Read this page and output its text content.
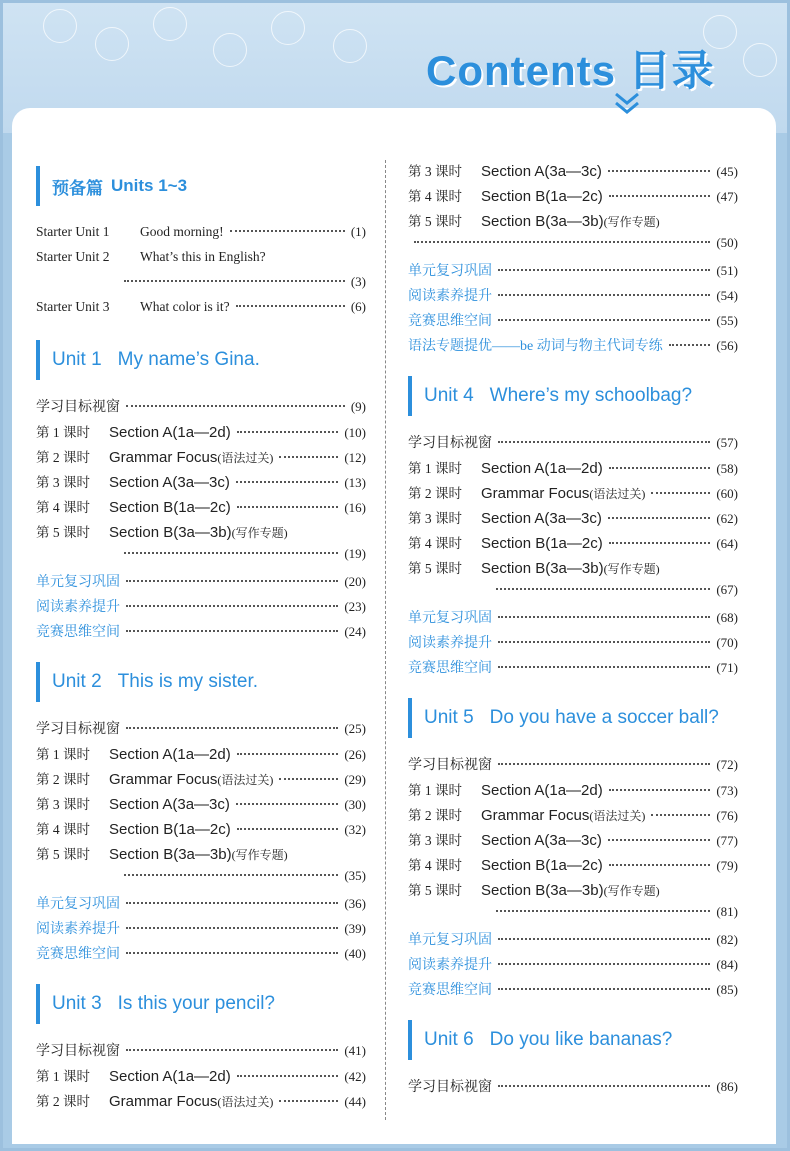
Contents 目录
预备篇 Units 1~3
Starter Unit 1	Good morning!	(1)
Starter Unit 2	What’s this in English?
(3)
Starter Unit 3	What color is it?	(6)
Unit 1 My name’s Gina.
学习目标视窗	(9)
第 1 课时	Section A(1a—2d)	(10)
第 2 课时	Grammar Focus (语法过关)	(12)
第 3 课时	Section A(3a—3c)	(13)
第 4 课时	Section B(1a—2c)	(16)
第 5 课时	Section B(3a—3b) (写作专题)
(19)
单元复习巩固	(20)
阅读素养提升	(23)
竞赛思维空间	(24)
Unit 2 This is my sister.
学习目标视窗	(25)
第 1 课时	Section A(1a—2d)	(26)
第 2 课时	Grammar Focus (语法过关)	(29)
第 3 课时	Section A(3a—3c)	(30)
第 4 课时	Section B(1a—2c)	(32)
第 5 课时	Section B(3a—3b) (写作专题)
(35)
单元复习巩固	(36)
阅读素养提升	(39)
竞赛思维空间	(40)
Unit 3 Is this your pencil?
学习目标视窗	(41)
第 1 课时	Section A(1a—2d)	(42)
第 2 课时	Grammar Focus (语法过关)	(44)
第 3 课时	Section A(3a—3c)	(45)
第 4 课时	Section B(1a—2c)	(47)
第 5 课时	Section B(3a—3b) (写作专题)
(50)
单元复习巩固	(51)
阅读素养提升	(54)
竞赛思维空间	(55)
语法专题提优——be 动词与物主代词专练	(56)
Unit 4 Where’s my schoolbag?
学习目标视窗	(57)
第 1 课时	Section A(1a—2d)	(58)
第 2 课时	Grammar Focus (语法过关)	(60)
第 3 课时	Section A(3a—3c)	(62)
第 4 课时	Section B(1a—2c)	(64)
第 5 课时	Section B(3a—3b) (写作专题)
(67)
单元复习巩固	(68)
阅读素养提升	(70)
竞赛思维空间	(71)
Unit 5 Do you have a soccer ball?
学习目标视窗	(72)
第 1 课时	Section A(1a—2d)	(73)
第 2 课时	Grammar Focus (语法过关)	(76)
第 3 课时	Section A(3a—3c)	(77)
第 4 课时	Section B(1a—2c)	(79)
第 5 课时	Section B(3a—3b) (写作专题)
(81)
单元复习巩固	(82)
阅读素养提升	(84)
竞赛思维空间	(85)
Unit 6 Do you like bananas?
学习目标视窗	(86)
